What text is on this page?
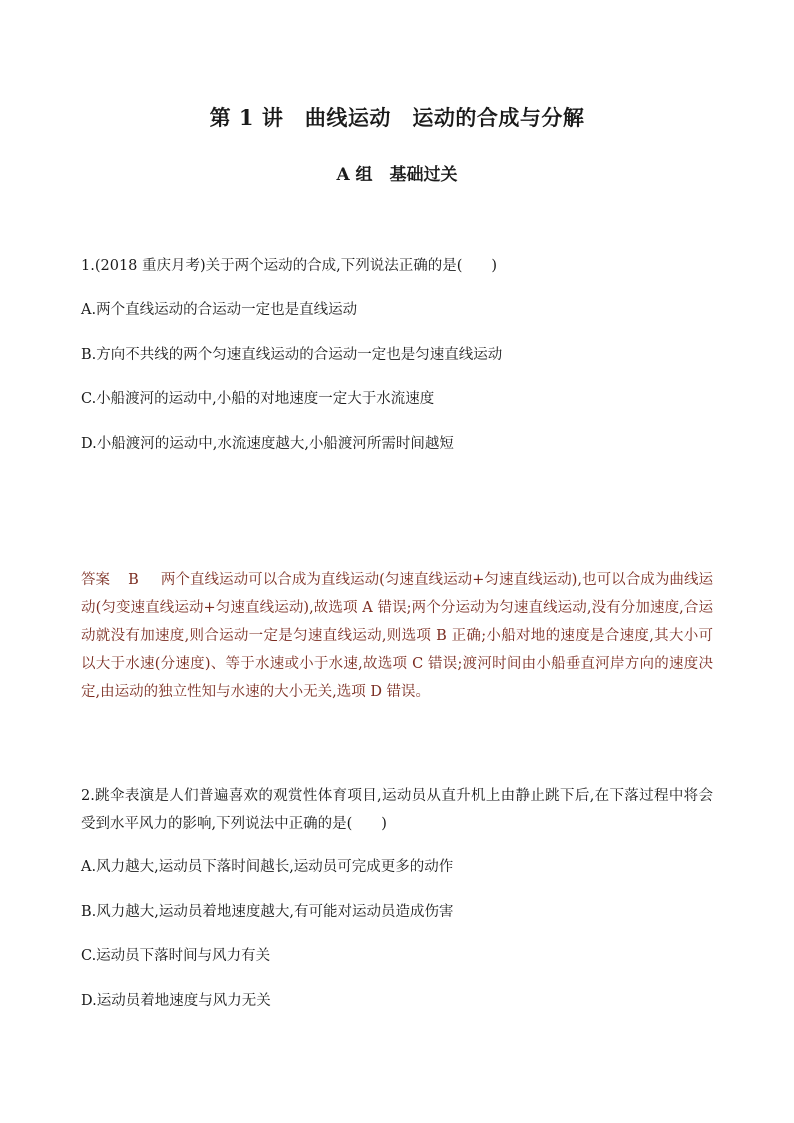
第 1 讲　曲线运动　运动的合成与分解
A 组　基础过关
1.(2018 重庆月考)关于两个运动的合成,下列说法正确的是(　　)
A.两个直线运动的合运动一定也是直线运动
B.方向不共线的两个匀速直线运动的合运动一定也是匀速直线运动
C.小船渡河的运动中,小船的对地速度一定大于水流速度
D.小船渡河的运动中,水流速度越大,小船渡河所需时间越短
答案 B 两个直线运动可以合成为直线运动(匀速直线运动+匀速直线运动),也可以合成为曲线运动(匀变速直线运动+匀速直线运动),故选项 A 错误;两个分运动为匀速直线运动,没有分加速度,合运动就没有加速度,则合运动一定是匀速直线运动,则选项 B 正确;小船对地的速度是合速度,其大小可以大于水速(分速度)、等于水速或小于水速,故选项 C 错误;渡河时间由小船垂直河岸方向的速度决定,由运动的独立性知与水速的大小无关,选项 D 错误。
2.跳伞表演是人们普遍喜欢的观赏性体育项目,运动员从直升机上由静止跳下后,在下落过程中将会受到水平风力的影响,下列说法中正确的是(　　)
A.风力越大,运动员下落时间越长,运动员可完成更多的动作
B.风力越大,运动员着地速度越大,有可能对运动员造成伤害
C.运动员下落时间与风力有关
D.运动员着地速度与风力无关
